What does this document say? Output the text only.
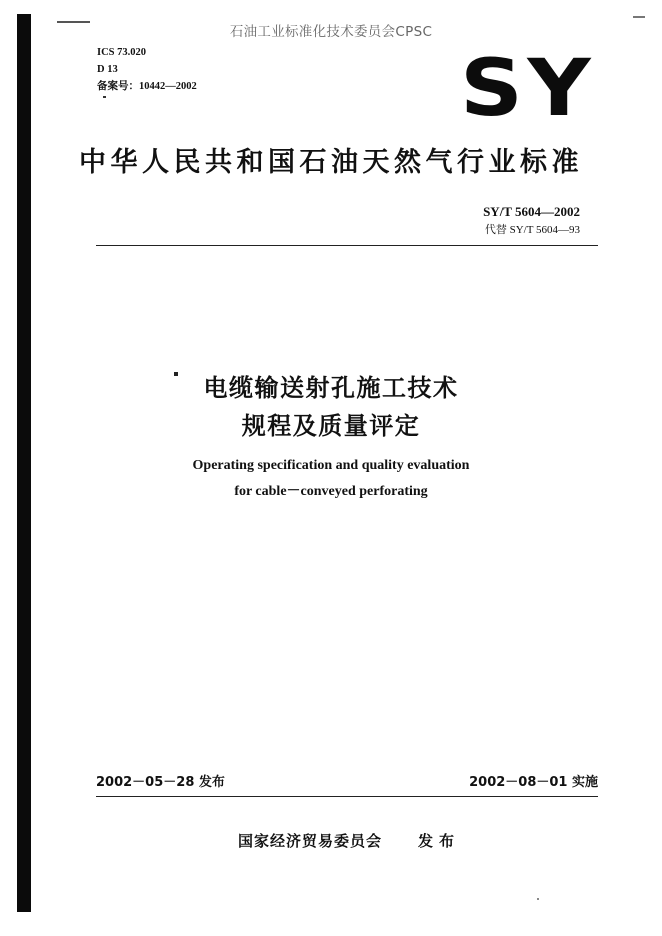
石油工业标准化技术委员会CPSC
ICS 73.020
D 13
备案号：10442—2002	SY
中华人民共和国石油天然气行业标准
SY/T 5604—2002
代替 SY/T 5604—93
电缆输送射孔施工技术
规程及质量评定
Operating specification and quality evaluation
for cable－conveyed perforating
2002－05－28 发布	2002－08－01 实施
国家经济贸易委员会 发布
